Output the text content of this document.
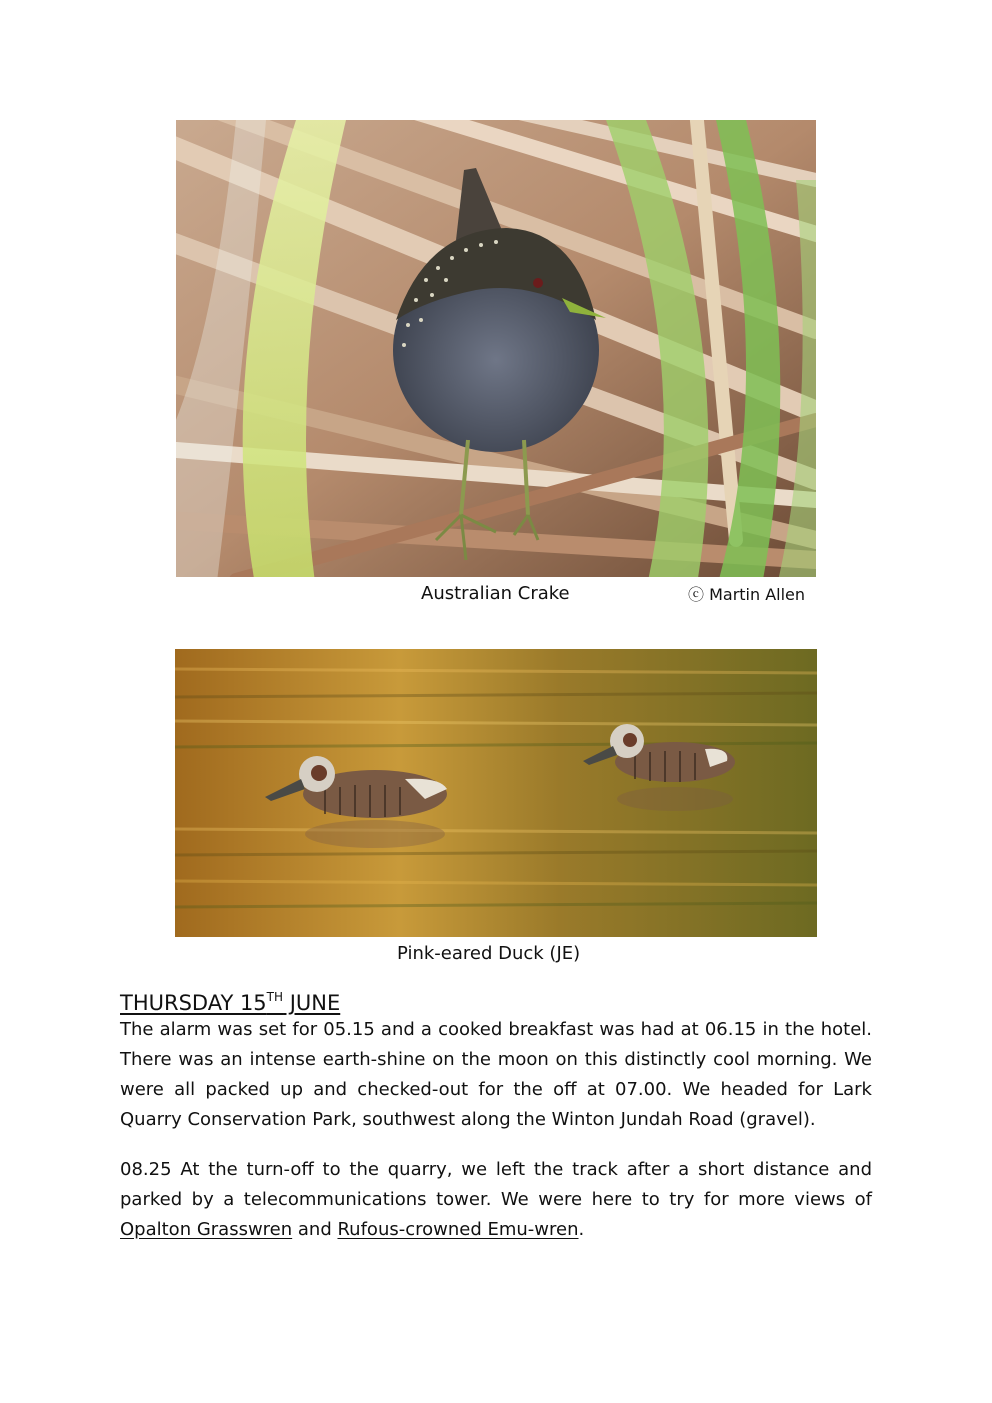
Australian Crake	ⓒ Martin Allen
Pink-eared Duck (JE)
THURSDAY 15TH JUNE

The alarm was set for 05.15 and a cooked breakfast was had at 06.15 in the hotel. There was an intense earth-shine on the moon on this distinctly cool morning. We were all packed up and checked-out for the off at 07.00. We headed for Lark Quarry Conservation Park, southwest along the Winton Jundah Road (gravel).

08.25 At the turn-off to the quarry, we left the track after a short distance and parked by a telecommunications tower. We were here to try for more views of Opalton Grasswren and Rufous-crowned Emu-wren.
